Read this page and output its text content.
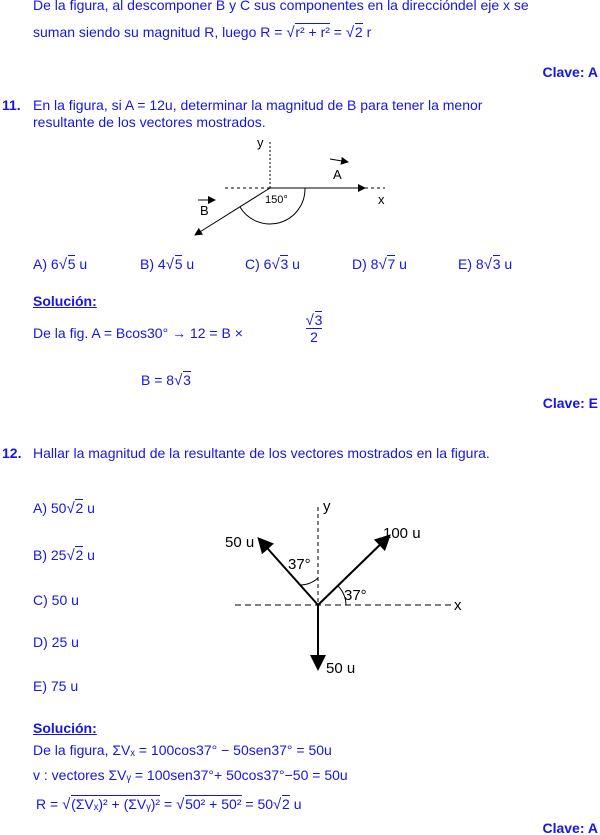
De la figura, al descomponer B y C sus componentes en la direccióndel eje x se
suman siendo su magnitud R, luego R = √ r² + r² = √ 2 r
Clave: A
11. En la figura, si A = 12u, determinar la magnitud de B para tener la menor
resultante de los vectores mostrados.
y
x
A
B
150°
A) 6 √ 5 u	B) 4 √ 5 u	C) 6 √ 3 u	D) 8 √ 7 u	E) 8 √ 3 u
Solución:
De la fig. A = Bcos30° → 12 = B ×
√ 3
2
B = 8 √ 3
Clave: E
12. Hallar la magnitud de la resultante de los vectores mostrados en la figura.
A) 50 √ 2 u
B) 25 √ 2 u
C) 50 u
D) 25 u
E) 75 u
y
x
50 u
100 u
50 u
37°
37°
Solución:
De la figura, ΣVₓ = 100cos37° − 50sen37° = 50u
v : vectores ΣVᵧ = 100sen37°+ 50cos37°−50 = 50u
R = √ (ΣVₓ)² + (ΣVᵧ)² = √ 50² + 50² = 50 √ 2 u
Clave: A
